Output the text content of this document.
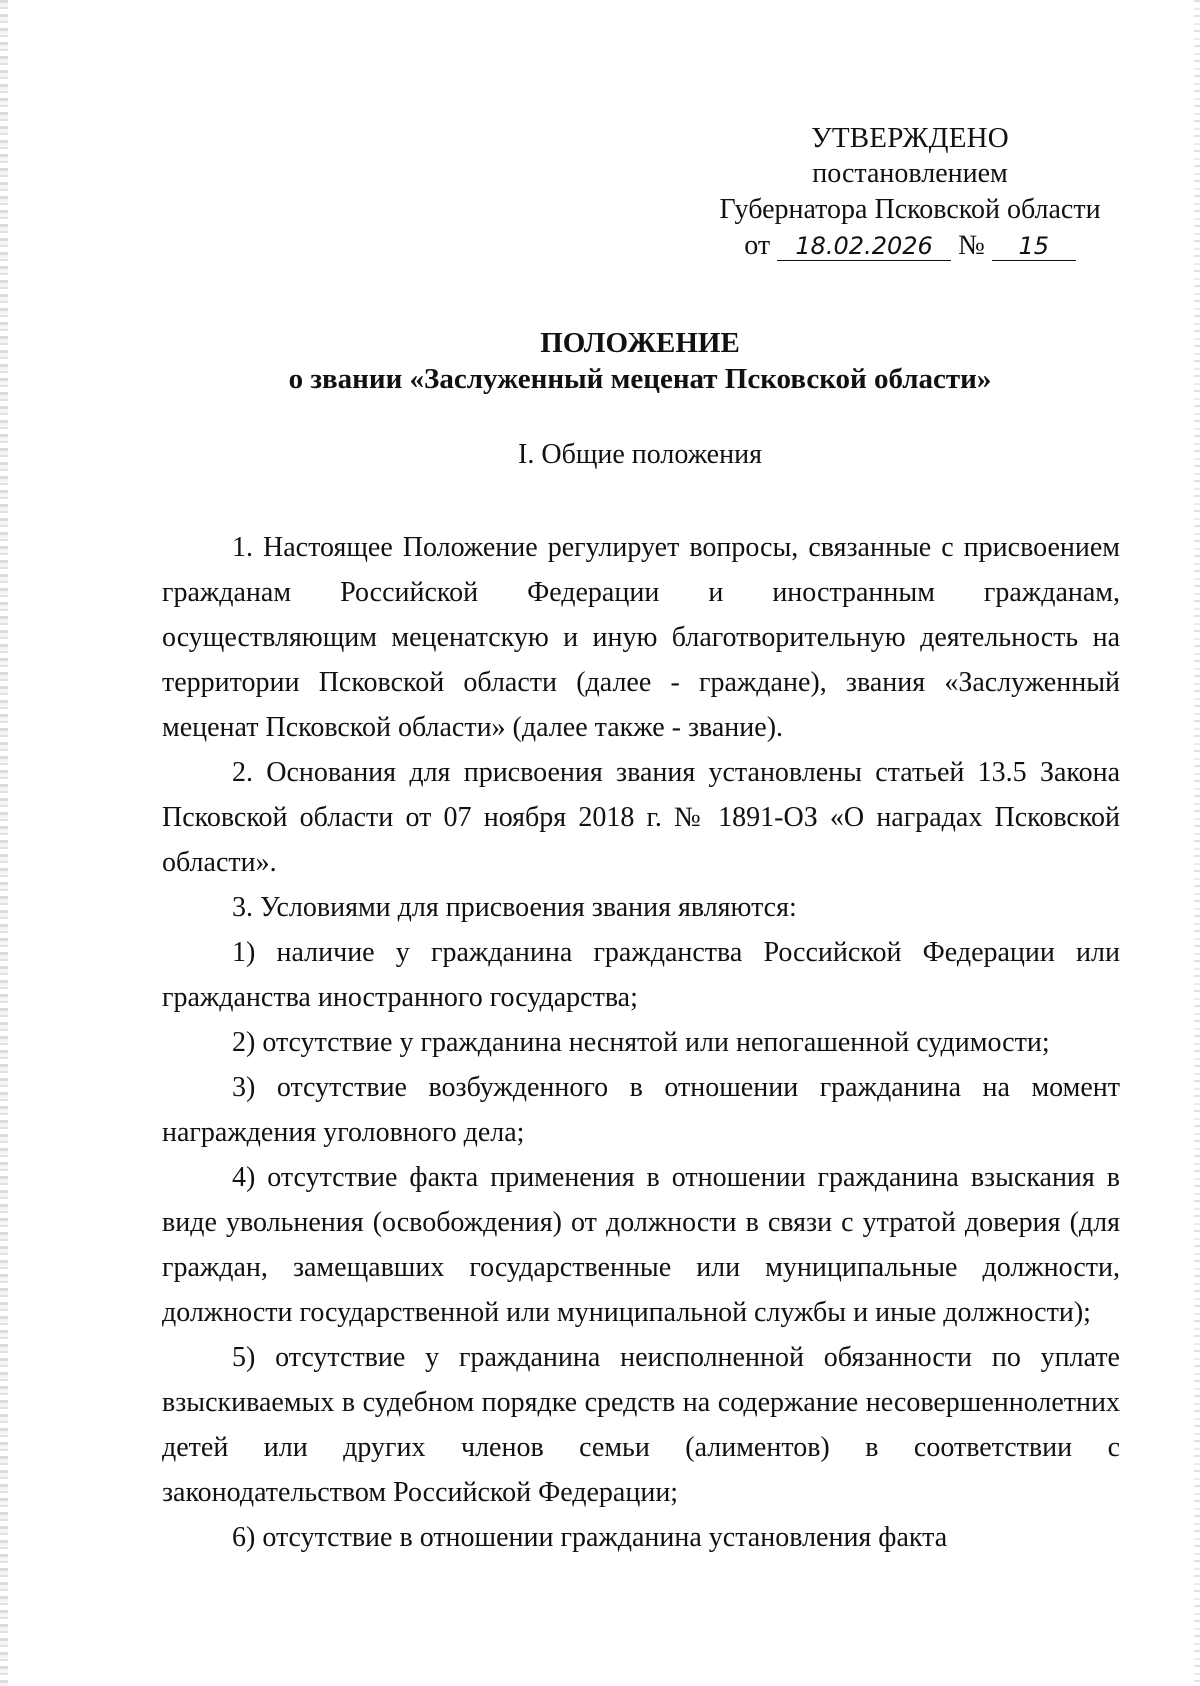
УТВЕРЖДЕНО
постановлением
Губернатора Псковской области
от 18.02.2026 № 15
ПОЛОЖЕНИЕ
о звании «Заслуженный меценат Псковской области»
I. Общие положения

1. Настоящее Положение регулирует вопросы, связанные с присвоением гражданам Российской Федерации и иностранным гражданам, осуществляющим меценатскую и иную благотворительную деятельность на территории Псковской области (далее - граждане), звания «Заслуженный меценат Псковской области» (далее также - звание).

2. Основания для присвоения звания установлены статьей 13.5 Закона Псковской области от 07 ноября 2018 г. № 1891-ОЗ «О наградах Псковской области».

3. Условиями для присвоения звания являются:

1) наличие у гражданина гражданства Российской Федерации или гражданства иностранного государства;

2) отсутствие у гражданина неснятой или непогашенной судимости;

3) отсутствие возбужденного в отношении гражданина на момент награждения уголовного дела;

4) отсутствие факта применения в отношении гражданина взыскания в виде увольнения (освобождения) от должности в связи с утратой доверия (для граждан, замещавших государственные или муниципальные должности, должности государственной или муниципальной службы и иные должности);

5) отсутствие у гражданина неисполненной обязанности по уплате взыскиваемых в судебном порядке средств на содержание несовершеннолетних детей или других членов семьи (алиментов) в соответствии с законодательством Российской Федерации;

6) отсутствие в отношении гражданина установления факта
